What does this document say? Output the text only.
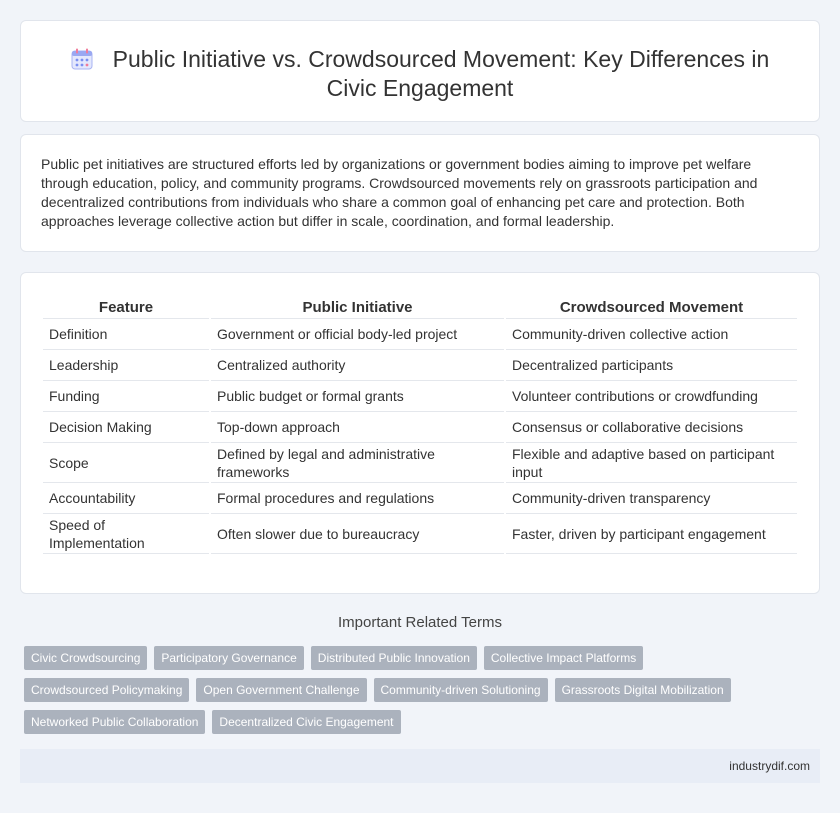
Public Initiative vs. Crowdsourced Movement: Key Differences in Civic Engagement

Public pet initiatives are structured efforts led by organizations or government bodies aiming to improve pet welfare through education, policy, and community programs. Crowdsourced movements rely on grassroots participation and decentralized contributions from individuals who share a common goal of enhancing pet care and protection. Both approaches leverage collective action but differ in scale, coordination, and formal leadership.

Feature	Public Initiative	Crowdsourced Movement
Definition	Government or official body-led project	Community-driven collective action
Leadership	Centralized authority	Decentralized participants
Funding	Public budget or formal grants	Volunteer contributions or crowdfunding
Decision Making	Top-down approach	Consensus or collaborative decisions
Scope	Defined by legal and administrative frameworks	Flexible and adaptive based on participant input
Accountability	Formal procedures and regulations	Community-driven transparency
Speed of Implementation	Often slower due to bureaucracy	Faster, driven by participant engagement
Important Related Terms
Civic Crowdsourcing	Participatory Governance	Distributed Public Innovation	Collective Impact Platforms
Crowdsourced Policymaking	Open Government Challenge	Community-driven Solutioning	Grassroots Digital Mobilization
Networked Public Collaboration	Decentralized Civic Engagement
industrydif.com
